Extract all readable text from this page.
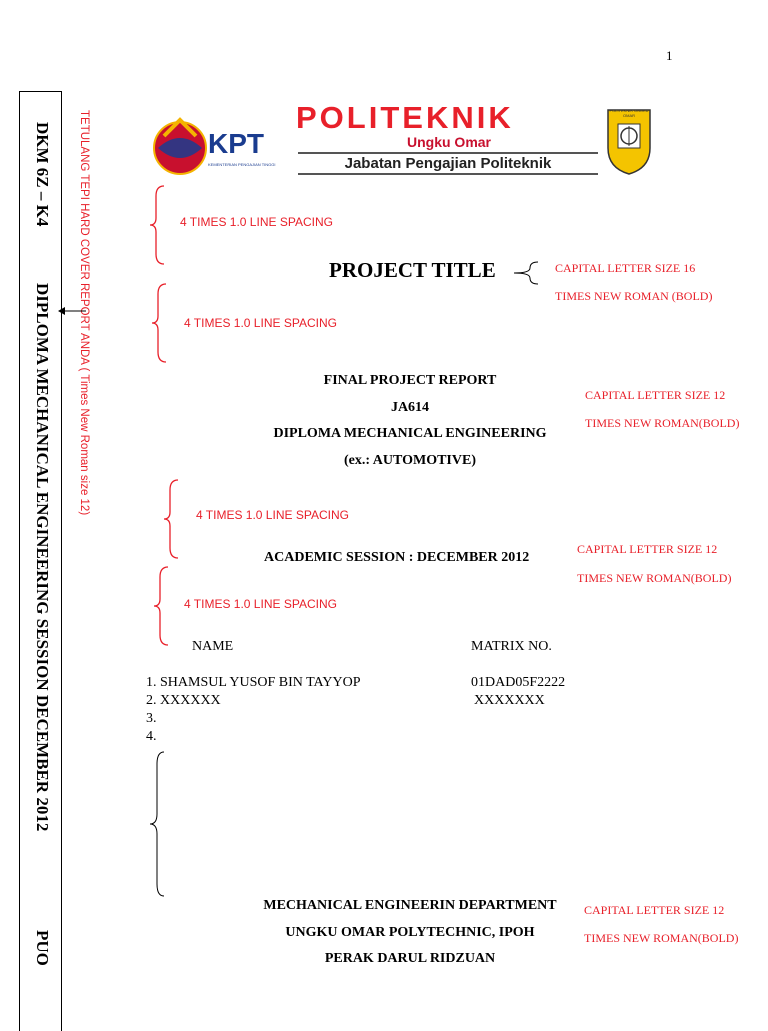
1
DKM 6Z – K4
DIPLOMA MECHANICAL ENGINEERING SESSION DECEMBER 2012
PUO
TETULANG TEPI HARD COVER REPORT ANDA ( Times New Roman size 12)	KPT
KEMENTERIAN PENGAJIAN TINGGI
POLITEKNIK
Ungku Omar
Jabatan Pengajian Politeknik
POLITEKNIK UNGKU OMAR
4 TIMES 1.0 LINE SPACING
PROJECT TITLE	CAPITAL LETTER SIZE 16
TIMES NEW ROMAN (BOLD)
4 TIMES 1.0 LINE SPACING
FINAL PROJECT REPORT
JA614
DIPLOMA MECHANICAL ENGINEERING
(ex.: AUTOMOTIVE)
CAPITAL LETTER SIZE 12
TIMES NEW ROMAN(BOLD)
4 TIMES 1.0 LINE SPACING
ACADEMIC SESSION : DECEMBER 2012
CAPITAL LETTER SIZE 12
TIMES NEW ROMAN(BOLD)
4 TIMES 1.0 LINE SPACING
NAME	MATRIX NO.
1. SHAMSUL YUSOF BIN TAYYOP	01DAD05F2222
2. XXXXXX	XXXXXXX
3.
4.
MECHANICAL ENGINEERIN DEPARTMENT
UNGKU OMAR POLYTECHNIC, IPOH
PERAK DARUL RIDZUAN
CAPITAL LETTER SIZE 12
TIMES NEW ROMAN(BOLD)
